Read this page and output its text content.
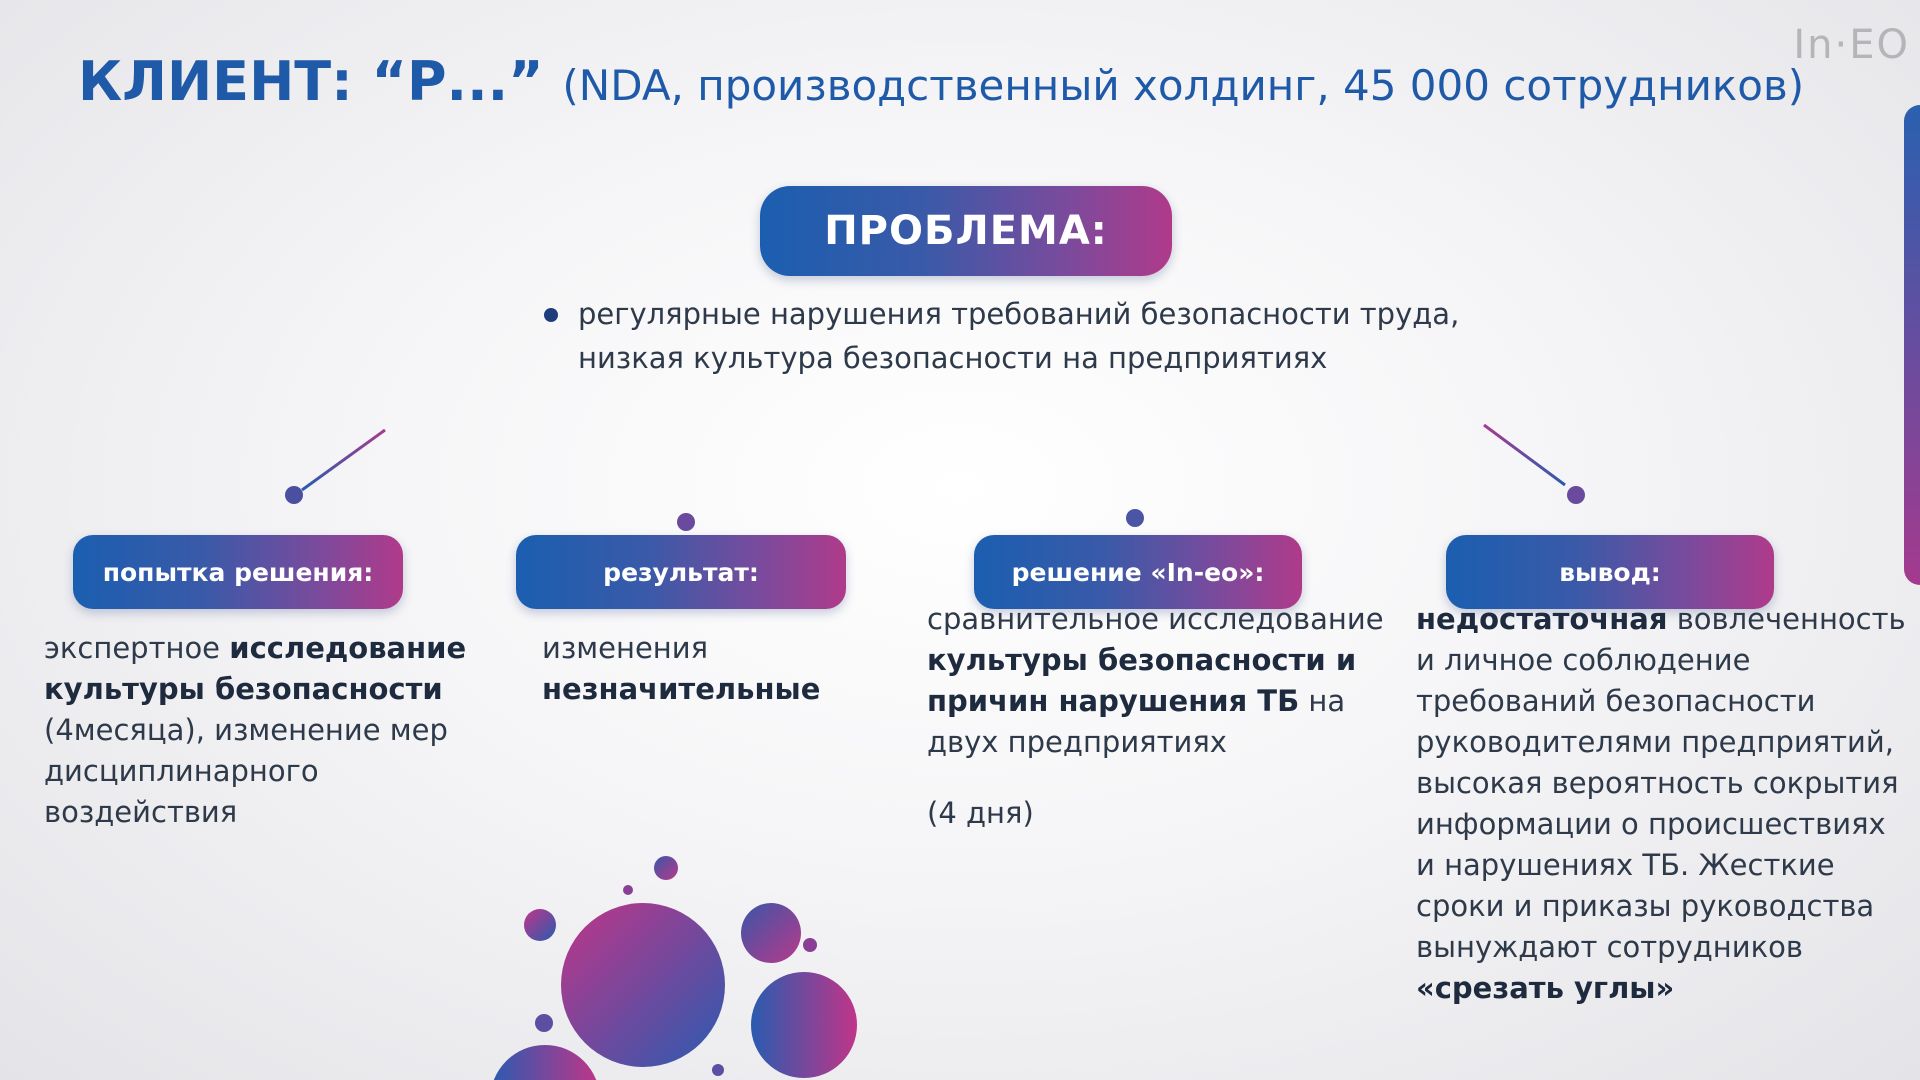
КЛИЕНТ: “Р...” (NDA, производственный холдинг, 45 000 сотрудников)
In·EO
ПРОБЛЕМА:
регулярные нарушения требований безопасности труда, низкая культура безопасности на предприятиях
попытка решения:	результат:	решение «In-eo»:	вывод:
экспертное исследование культуры безопасности (4месяца), изменение мер дисциплинарного воздействия
изменения
незначительные
сравнительное исследование культуры безопасности и причин нарушения ТБ на двух предприятиях
(4 дня)
недостаточная вовлеченность и личное соблюдение требований безопасности руководителями предприятий, высокая вероятность сокрытия информации о происшествиях и нарушениях ТБ. Жесткие сроки и приказы руководства вынуждают сотрудников «срезать углы»
